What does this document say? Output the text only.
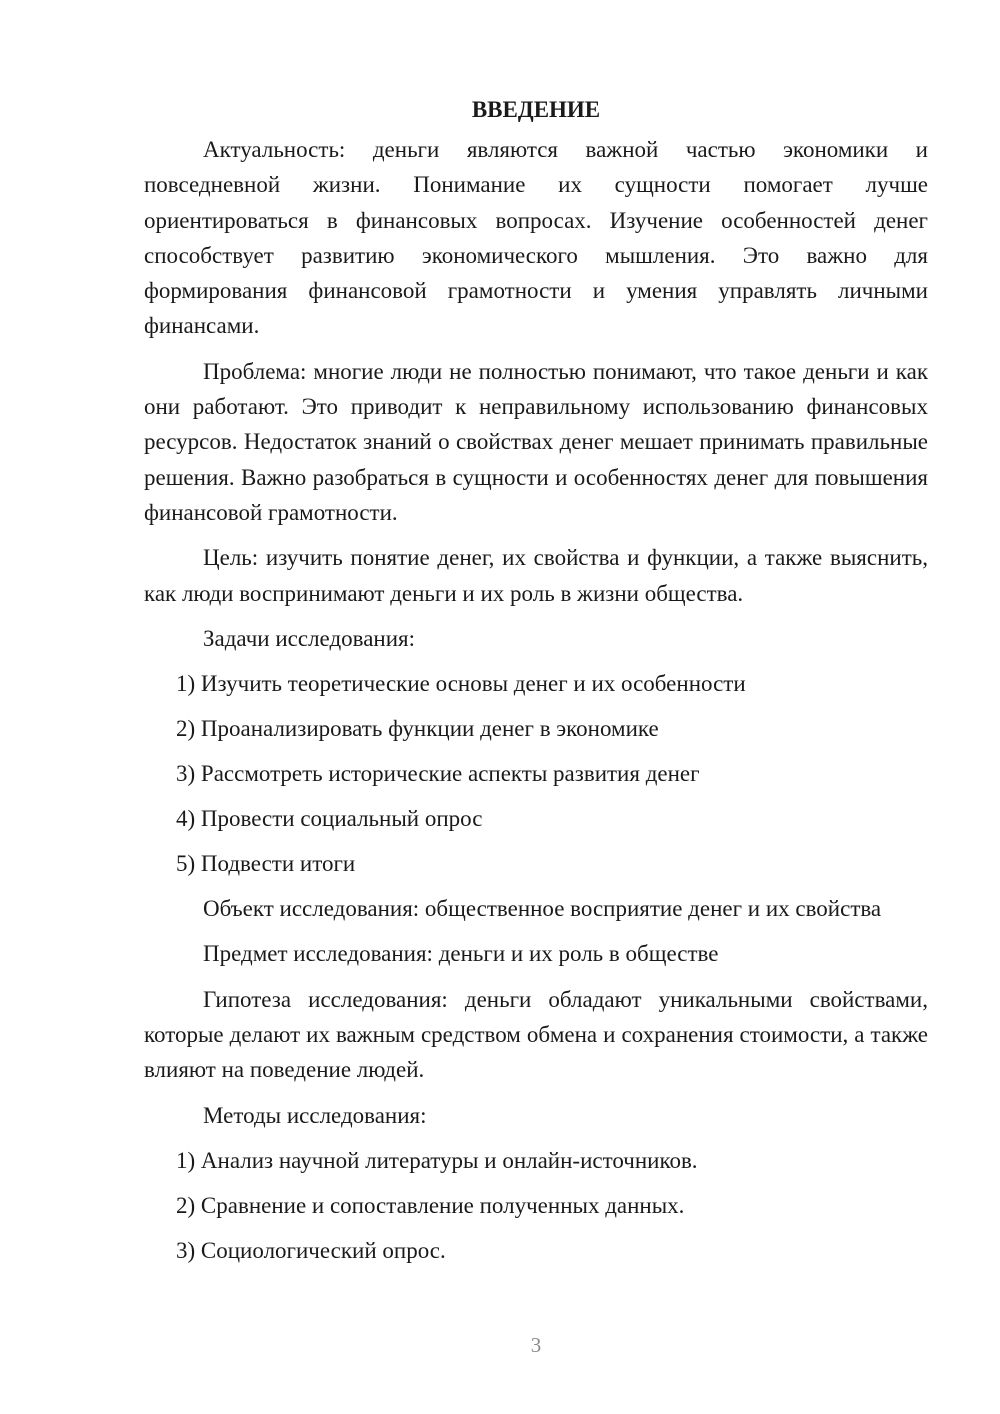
ВВЕДЕНИЕ

Актуальность: деньги являются важной частью экономики и повседневной жизни. Понимание их сущности помогает лучше ориентироваться в финансовых вопросах. Изучение особенностей денег способствует развитию экономического мышления. Это важно для формирования финансовой грамотности и умения управлять личными финансами.

Проблема: многие люди не полностью понимают, что такое деньги и как они работают. Это приводит к неправильному использованию финансовых ресурсов. Недостаток знаний о свойствах денег мешает принимать правильные решения. Важно разобраться в сущности и особенностях денег для повышения финансовой грамотности.

Цель: изучить понятие денег, их свойства и функции, а также выяснить, как люди воспринимают деньги и их роль в жизни общества.

Задачи исследования:

1) Изучить теоретические основы денег и их особенности
2) Проанализировать функции денег в экономике
3) Рассмотреть исторические аспекты развития денег
4) Провести социальный опрос
5) Подвести итоги

Объект исследования: общественное восприятие денег и их свойства

Предмет исследования: деньги и их роль в обществе

Гипотеза исследования: деньги обладают уникальными свойствами, которые делают их важным средством обмена и сохранения стоимости, а также влияют на поведение людей.

Методы исследования:

1) Анализ научной литературы и онлайн-источников.
2) Сравнение и сопоставление полученных данных.
3) Социологический опрос.
3
